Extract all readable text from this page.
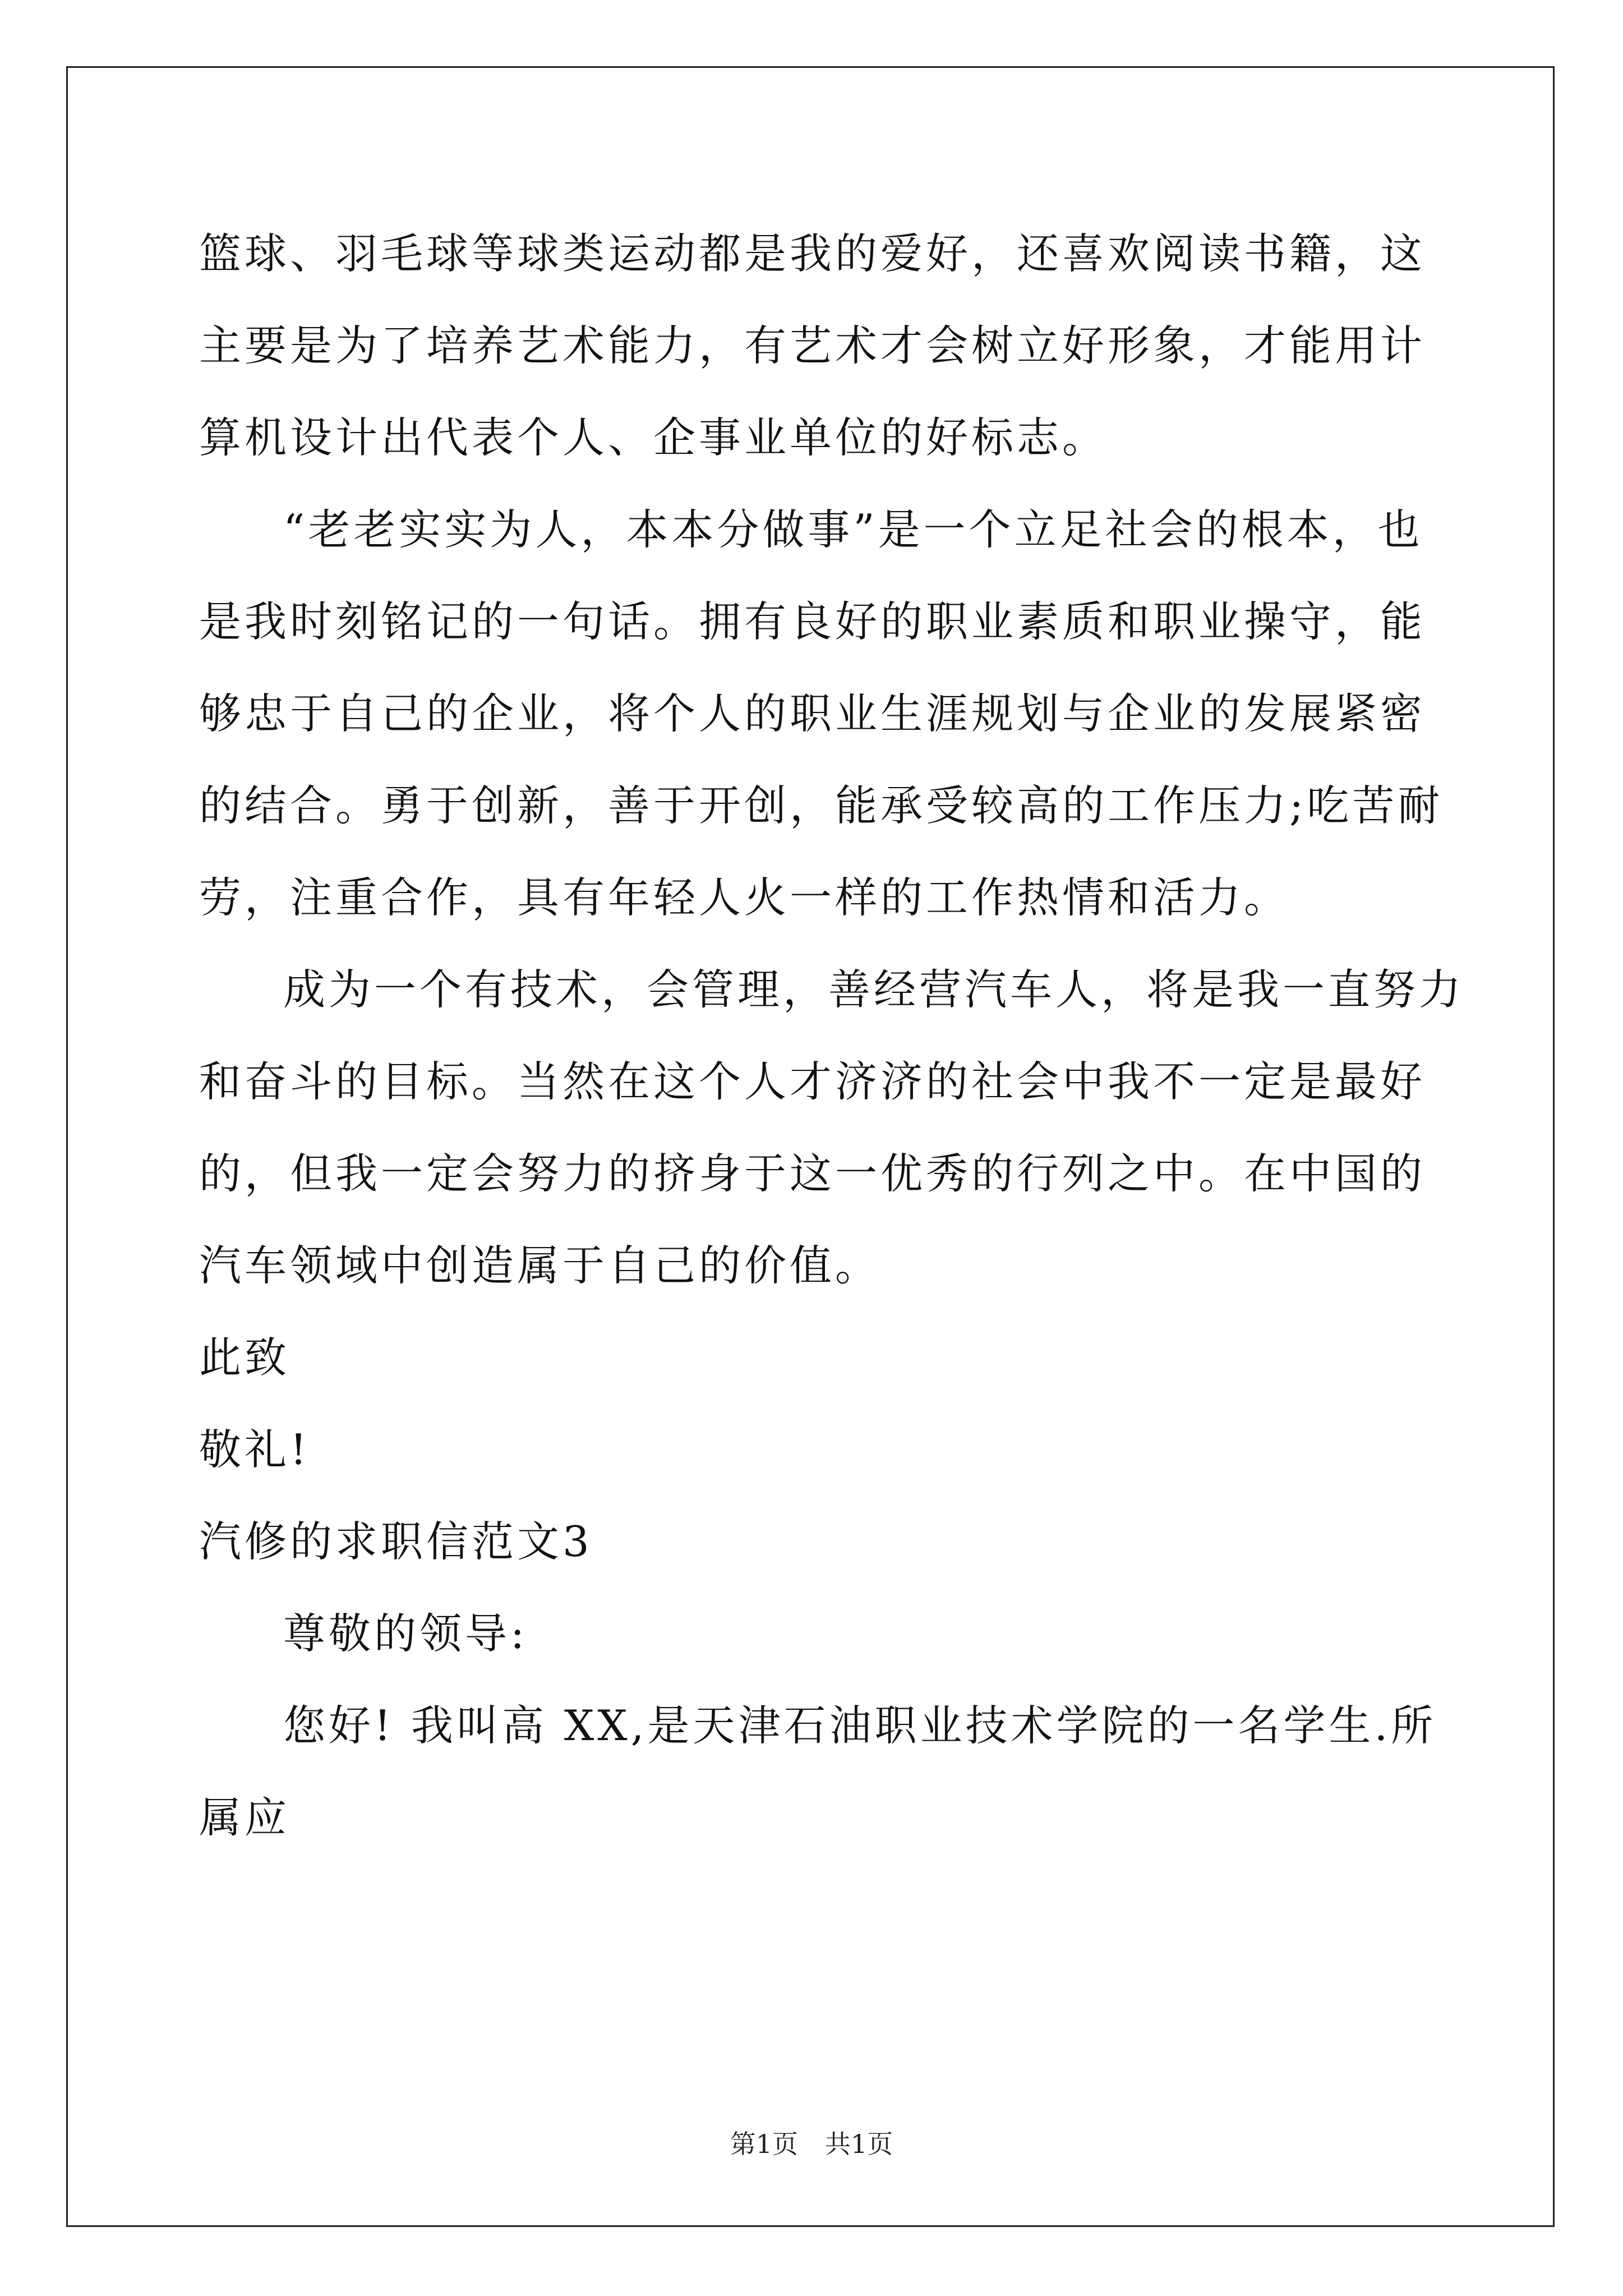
篮球、羽毛球等球类运动都是我的爱好，还喜欢阅读书籍，这主要是为了培养艺术能力，有艺术才会树立好形象，才能用计算机设计出代表个人、企事业单位的好标志。

“老老实实为人，本本分做事”是一个立足社会的根本，也是我时刻铭记的一句话。拥有良好的职业素质和职业操守，能够忠于自己的企业，将个人的职业生涯规划与企业的发展紧密的结合。勇于创新，善于开创，能承受较高的工作压力;吃苦耐劳，注重合作，具有年轻人火一样的工作热情和活力。

成为一个有技术，会管理，善经营汽车人，将是我一直努力和奋斗的目标。当然在这个人才济济的社会中我不一定是最好的，但我一定会努力的挤身于这一优秀的行列之中。在中国的汽车领域中创造属于自己的价值。

此致

敬礼!

汽修的求职信范文3

尊敬的领导:

您好! 我叫高 XX,是天津石油职业技术学院的一名学生.所属应

第1页 共1页
